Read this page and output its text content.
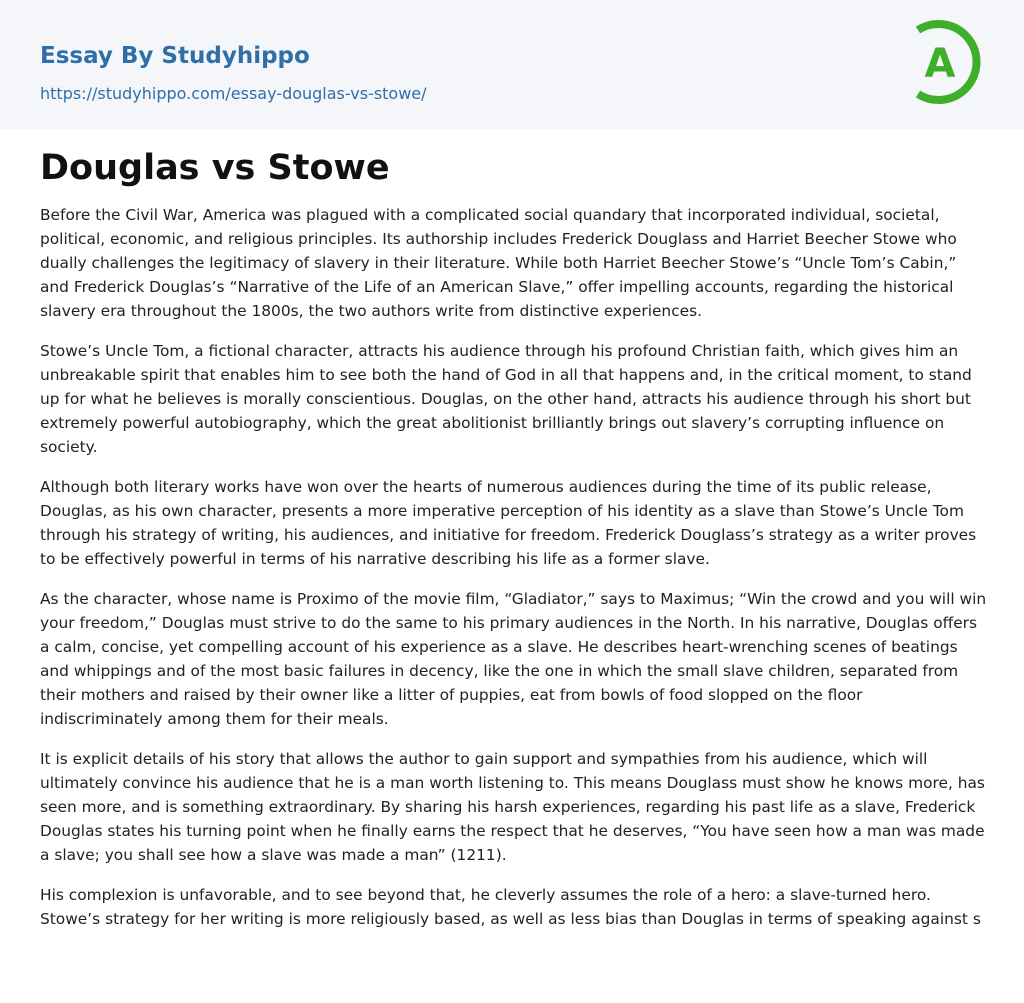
Essay By Studyhippo
https://studyhippo.com/essay-douglas-vs-stowe/
A
Douglas vs Stowe

Before the Civil War, America was plagued with a complicated social quandary that incorporated individual, societal, political, economic, and religious principles. Its authorship includes Frederick Douglass and Harriet Beecher Stowe who dually challenges the legitimacy of slavery in their literature. While both Harriet Beecher Stowe’s “Uncle Tom’s Cabin,” and Frederick Douglas’s “Narrative of the Life of an American Slave,” offer impelling accounts, regarding the historical slavery era throughout the 1800s, the two authors write from distinctive experiences.

Stowe’s Uncle Tom, a fictional character, attracts his audience through his profound Christian faith, which gives him an unbreakable spirit that enables him to see both the hand of God in all that happens and, in the critical moment, to stand up for what he believes is morally conscientious. Douglas, on the other hand, attracts his audience through his short but extremely powerful autobiography, which the great abolitionist brilliantly brings out slavery’s corrupting influence on society.

Although both literary works have won over the hearts of numerous audiences during the time of its public release, Douglas, as his own character, presents a more imperative perception of his identity as a slave than Stowe’s Uncle Tom through his strategy of writing, his audiences, and initiative for freedom. Frederick Douglass’s strategy as a writer proves to be effectively powerful in terms of his narrative describing his life as a former slave.

As the character, whose name is Proximo of the movie film, “Gladiator,” says to Maximus; “Win the crowd and you will win your freedom,” Douglas must strive to do the same to his primary audiences in the North. In his narrative, Douglas offers a calm, concise, yet compelling account of his experience as a slave. He describes heart-wrenching scenes of beatings and whippings and of the most basic failures in decency, like the one in which the small slave children, separated from their mothers and raised by their owner like a litter of puppies, eat from bowls of food slopped on the floor indiscriminately among them for their meals.

It is explicit details of his story that allows the author to gain support and sympathies from his audience, which will ultimately convince his audience that he is a man worth listening to. This means Douglass must show he knows more, has seen more, and is something extraordinary. By sharing his harsh experiences, regarding his past life as a slave, Frederick Douglas states his turning point when he finally earns the respect that he deserves, “You have seen how a man was made a slave; you shall see how a slave was made a man” (1211).

His complexion is unfavorable, and to see beyond that, he cleverly assumes the role of a hero: a slave-turned hero. Stowe’s strategy for her writing is more religiously based, as well as less bias than Douglas in terms of speaking against s
